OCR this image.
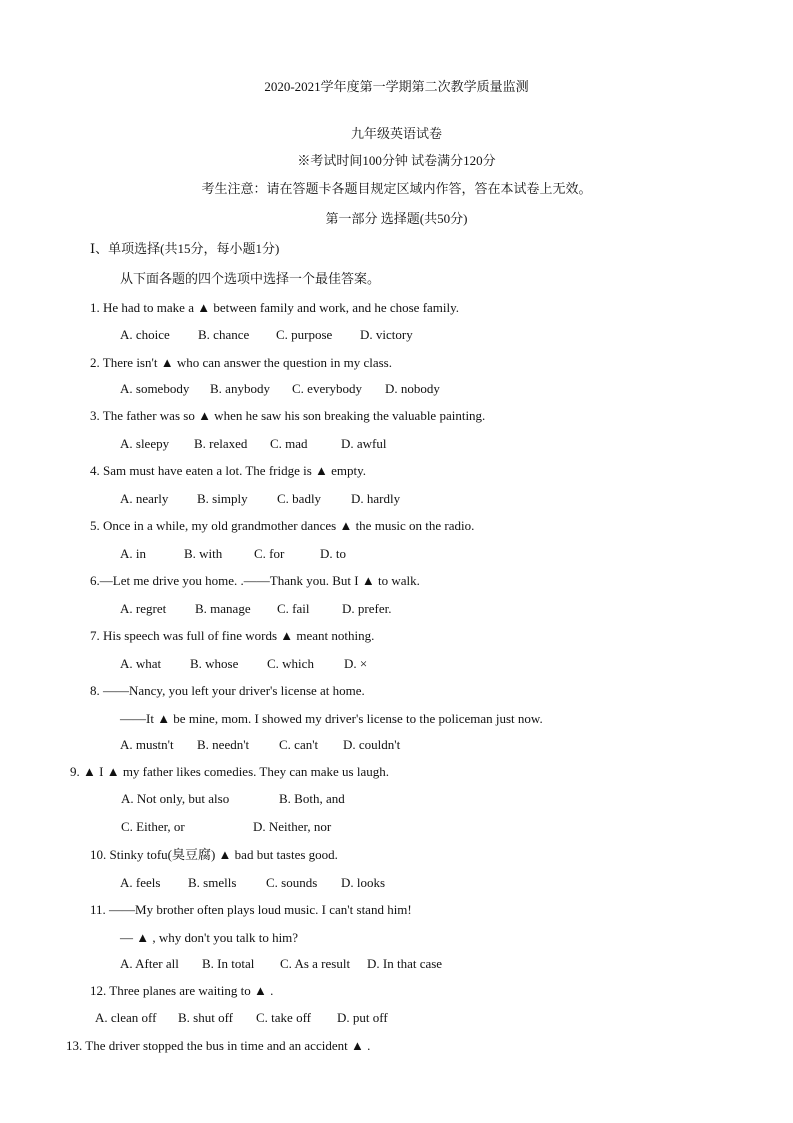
2020-2021学年度第一学期第二次教学质量监测
九年级英语试卷
※考试时间100分钟 试卷满分120分
考生注意：请在答题卡各题目规定区域内作答，答在本试卷上无效。
第一部分 选择题(共50分)
Ⅰ、单项选择(共15分，每小题1分)
从下面各题的四个选项中选择一个最佳答案。
1. He had to make a ▲ between family and work, and he chose family.
A. choice B. chance C. purpose D. victory
2. There isn't ▲ who can answer the question in my class.
A. somebody B. anybody C. everybody D. nobody
3. The father was so ▲ when he saw his son breaking the valuable painting.
A. sleepy B. relaxed C. mad	D. awful
4. Sam must have eaten a lot. The fridge is ▲ empty.
A. nearly B. simply C. badly D. hardly
5. Once in a while, my old grandmother dances ▲ the music on the radio.
A. in	B. with C. for	D. to
6.—Let me drive you home. .——Thank you. But I ▲ to walk.
A. regret B. manage C. fail	D. prefer.
7. His speech was full of fine words ▲ meant nothing.
A. what B. whose C. which D. ×
8. ——Nancy, you left your driver's license at home.
——It ▲ be mine, mom. I showed my driver's license to the policeman just now.
A. mustn't B. needn't C. can't D. couldn't
9. ▲ I ▲ my father likes comedies. They can make us laugh.
A. Not only, but also	B. Both, and
C. Either, or	D. Neither, nor
10. Stinky tofu(臭豆腐) ▲ bad but tastes good.
A. feels B. smells C. sounds D. looks
11. ——My brother often plays loud music. I can't stand him!
— ▲ , why don't you talk to him?
A. After all B. In total C. As a result D. In that case
12. Three planes are waiting to ▲ .
A. clean off B. shut off C. take off D. put off
13. The driver stopped the bus in time and an accident ▲ .
